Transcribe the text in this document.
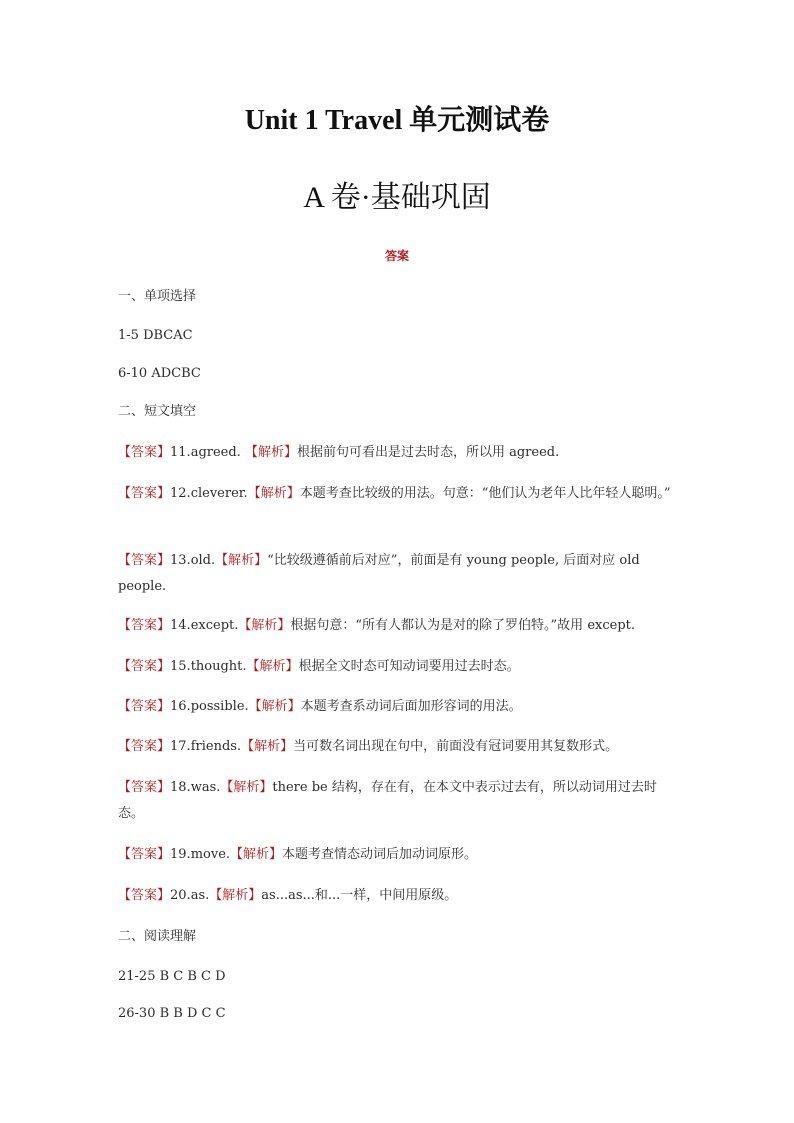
Unit 1 Travel 单元测试卷
A 卷·基础巩固
答案
一、单项选择
1-5 DBCAC
6-10 ADCBC
二、短文填空
【答案】11.agreed. 【解析】根据前句可看出是过去时态，所以用 agreed.
【答案】12.cleverer.【解析】本题考查比较级的用法。句意：“他们认为老年人比年轻人聪明。”
【答案】13.old.【解析】“比较级遵循前后对应”，前面是有 young people, 后面对应 old people.
【答案】14.except.【解析】根据句意：“所有人都认为是对的除了罗伯特。”故用 except.
【答案】15.thought.【解析】根据全文时态可知动词要用过去时态。
【答案】16.possible.【解析】本题考查系动词后面加形容词的用法。
【答案】17.friends.【解析】当可数名词出现在句中，前面没有冠词要用其复数形式。
【答案】18.was.【解析】there be 结构，存在有，在本文中表示过去有，所以动词用过去时态。
【答案】19.move.【解析】本题考查情态动词后加动词原形。
【答案】20.as.【解析】as...as...和...一样，中间用原级。
二、阅读理解
21-25 B C B C D
26-30 B B D C C
